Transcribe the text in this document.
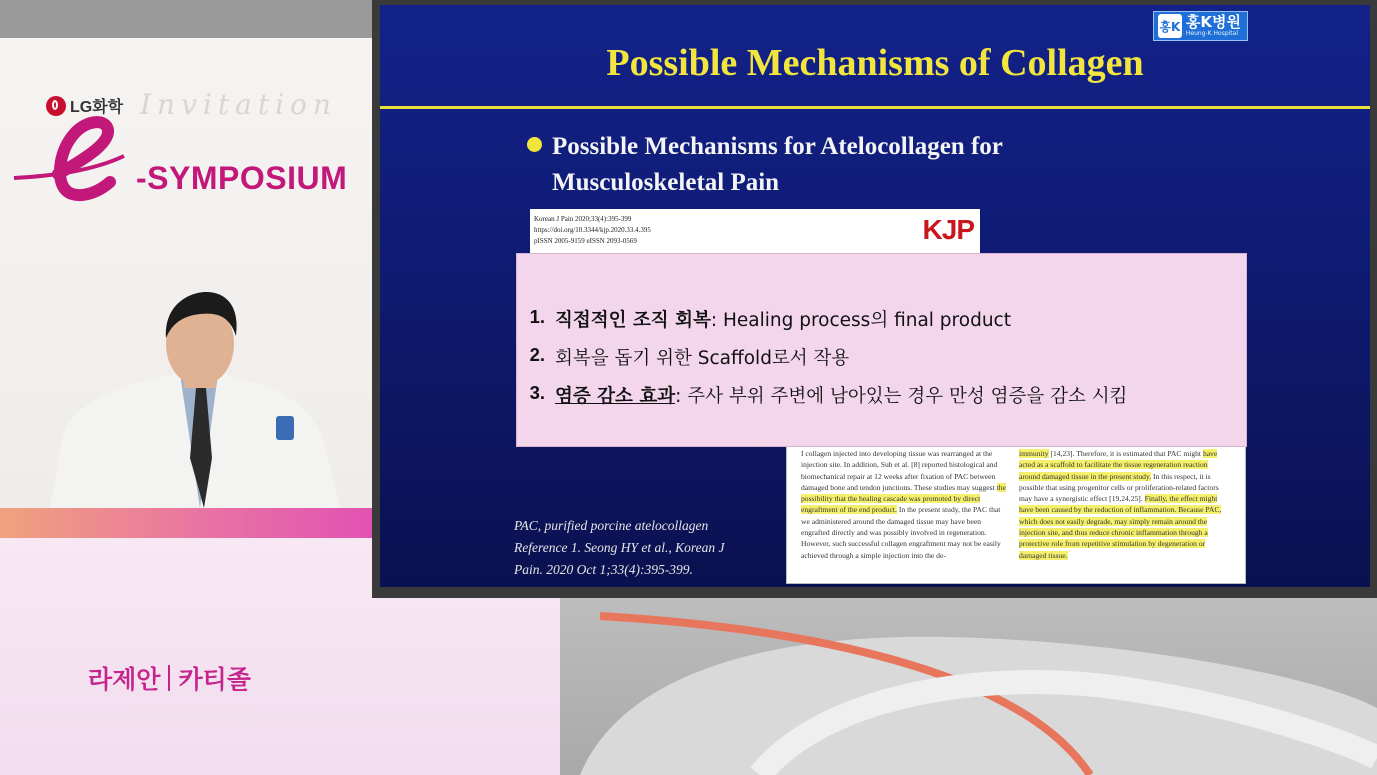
LG화학 Invitation
-SYMPOSIUM
라제안 카티졸
홍K 홍K병원
Heung-K Hospital
Possible Mechanisms of Collagen
Possible Mechanisms for Atelocollagen for
Musculoskeletal Pain
Korean J Pain 2020;33(4):395-399
https://doi.org/10.3344/kjp.2020.33.4.395
pISSN 2005-9159 eISSN 2093-0569	KJP
I collagen injected into developing tissue was rearranged at the injection site. In addition, Suh et al. [8] reported histological and biomechanical repair at 12 weeks after fixation of PAC between damaged bone and tendon junctions. These studies may suggest the possibility that the healing cascade was promoted by direct engraftment of the end product. In the present study, the PAC that we administered around the damaged tissue may have been engrafted directly and was possibly involved in regeneration. However, such successful collagen engraftment may not be easily achieved through a simple injection into the de-
immunity [14,23]. Therefore, it is estimated that PAC might have acted as a scaffold to facilitate the tissue regeneration reaction around damaged tissue in the present study. In this respect, it is possible that using progenitor cells or proliferation-related factors may have a synergistic effect [19,24,25]. Finally, the effect might have been caused by the reduction of inflammation. Because PAC, which does not easily degrade, may simply remain around the injection site, and thus reduce chronic inflammation through a protective role from repetitive stimulation by degeneration or damaged tissue.
1. 직접적인 조직 회복: Healing process의 final product
2. 회복을 돕기 위한 Scaffold로서 작용
3. 염증 감소 효과: 주사 부위 주변에 남아있는 경우 만성 염증을 감소 시킴
PAC, purified porcine atelocollagen
Reference 1. Seong HY et al., Korean J
Pain. 2020 Oct 1;33(4):395-399.
